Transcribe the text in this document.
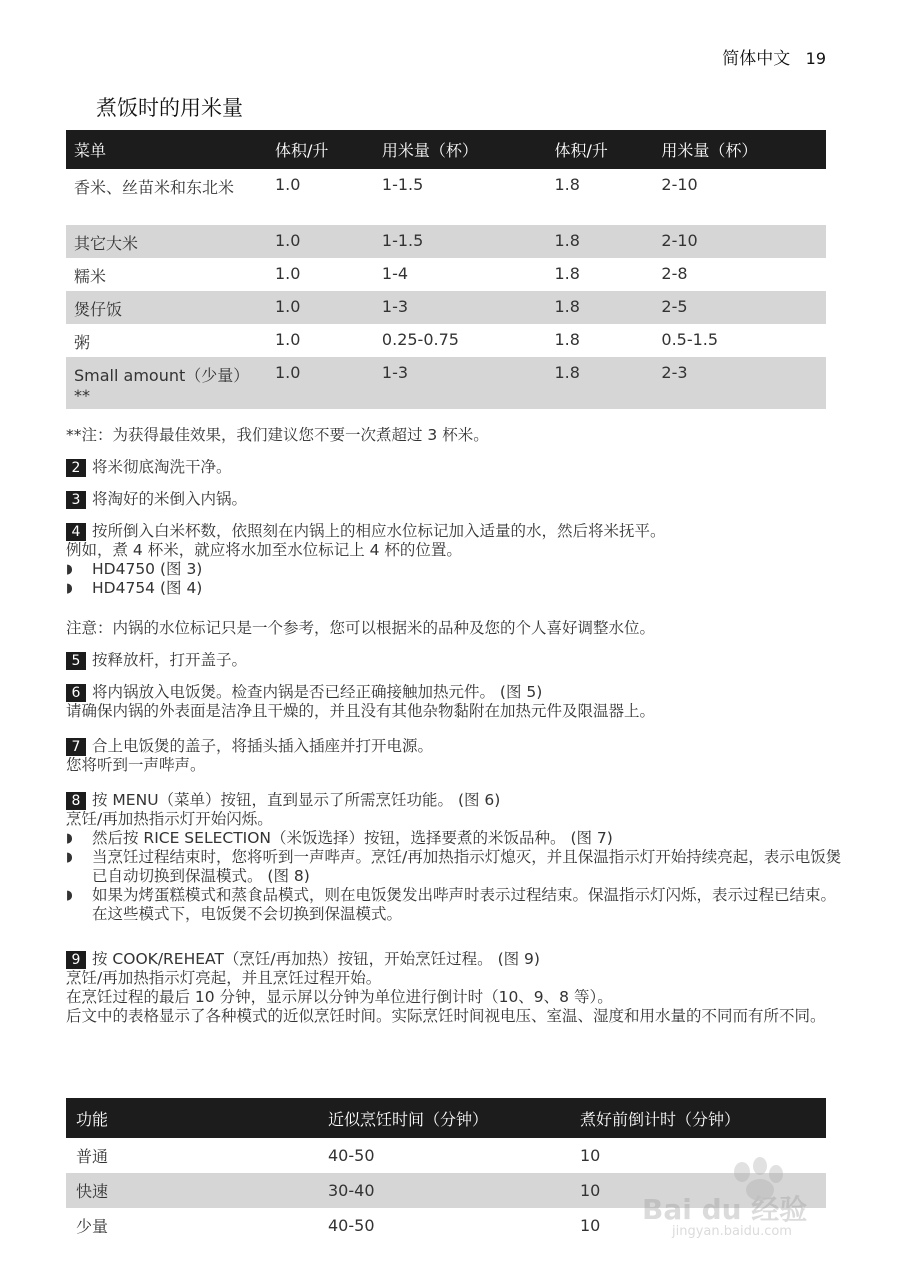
简体中文 19
煮饭时的用米量
菜单	体积/升	用米量（杯）	体积/升	用米量（杯）
香米、丝苗米和东北米	1.0	1-1.5	1.8	2-10
其它大米	1.0	1-1.5	1.8	2-10
糯米	1.0	1-4	1.8	2-8
煲仔饭	1.0	1-3	1.8	2-5
粥	1.0	0.25-0.75	1.8	0.5-1.5
Small amount（少量）**	1.0	1-3	1.8	2-3
**注：为获得最佳效果，我们建议您不要一次煮超过 3 杯米。
2 将米彻底淘洗干净。
3 将淘好的米倒入内锅。
4 按所倒入白米杯数，依照刻在内锅上的相应水位标记加入适量的水，然后将米抚平。
例如，煮 4 杯米，就应将水加至水位标记上 4 杯的位置。
◗	HD4750 (图 3)
◗	HD4754 (图 4)
注意：内锅的水位标记只是一个参考，您可以根据米的品种及您的个人喜好调整水位。
5 按释放杆，打开盖子。
6 将内锅放入电饭煲。检查内锅是否已经正确接触加热元件。 (图 5)
请确保内锅的外表面是洁净且干燥的，并且没有其他杂物黏附在加热元件及限温器上。
7 合上电饭煲的盖子，将插头插入插座并打开电源。
您将听到一声哔声。
8 按 MENU（菜单）按钮，直到显示了所需烹饪功能。 (图 6)
烹饪/再加热指示灯开始闪烁。
◗	然后按 RICE SELECTION（米饭选择）按钮，选择要煮的米饭品种。 (图 7)
◗	当烹饪过程结束时，您将听到一声哔声。烹饪/再加热指示灯熄灭，并且保温指示灯开始持续亮起，表示电饭煲已自动切换到保温模式。 (图 8)
◗	如果为烤蛋糕模式和蒸食品模式，则在电饭煲发出哔声时表示过程结束。保温指示灯闪烁，表示过程已结束。在这些模式下，电饭煲不会切换到保温模式。
9 按 COOK/REHEAT（烹饪/再加热）按钮，开始烹饪过程。 (图 9)
烹饪/再加热指示灯亮起，并且烹饪过程开始。
在烹饪过程的最后 10 分钟，显示屏以分钟为单位进行倒计时（10、9、8 等）。
后文中的表格显示了各种模式的近似烹饪时间。实际烹饪时间视电压、室温、湿度和用水量的不同而有所不同。
功能	近似烹饪时间（分钟）	煮好前倒计时（分钟）
普通	40-50	10
快速	30-40	10
少量	40-50	10 Bai du 经验
jingyan.baidu.com
